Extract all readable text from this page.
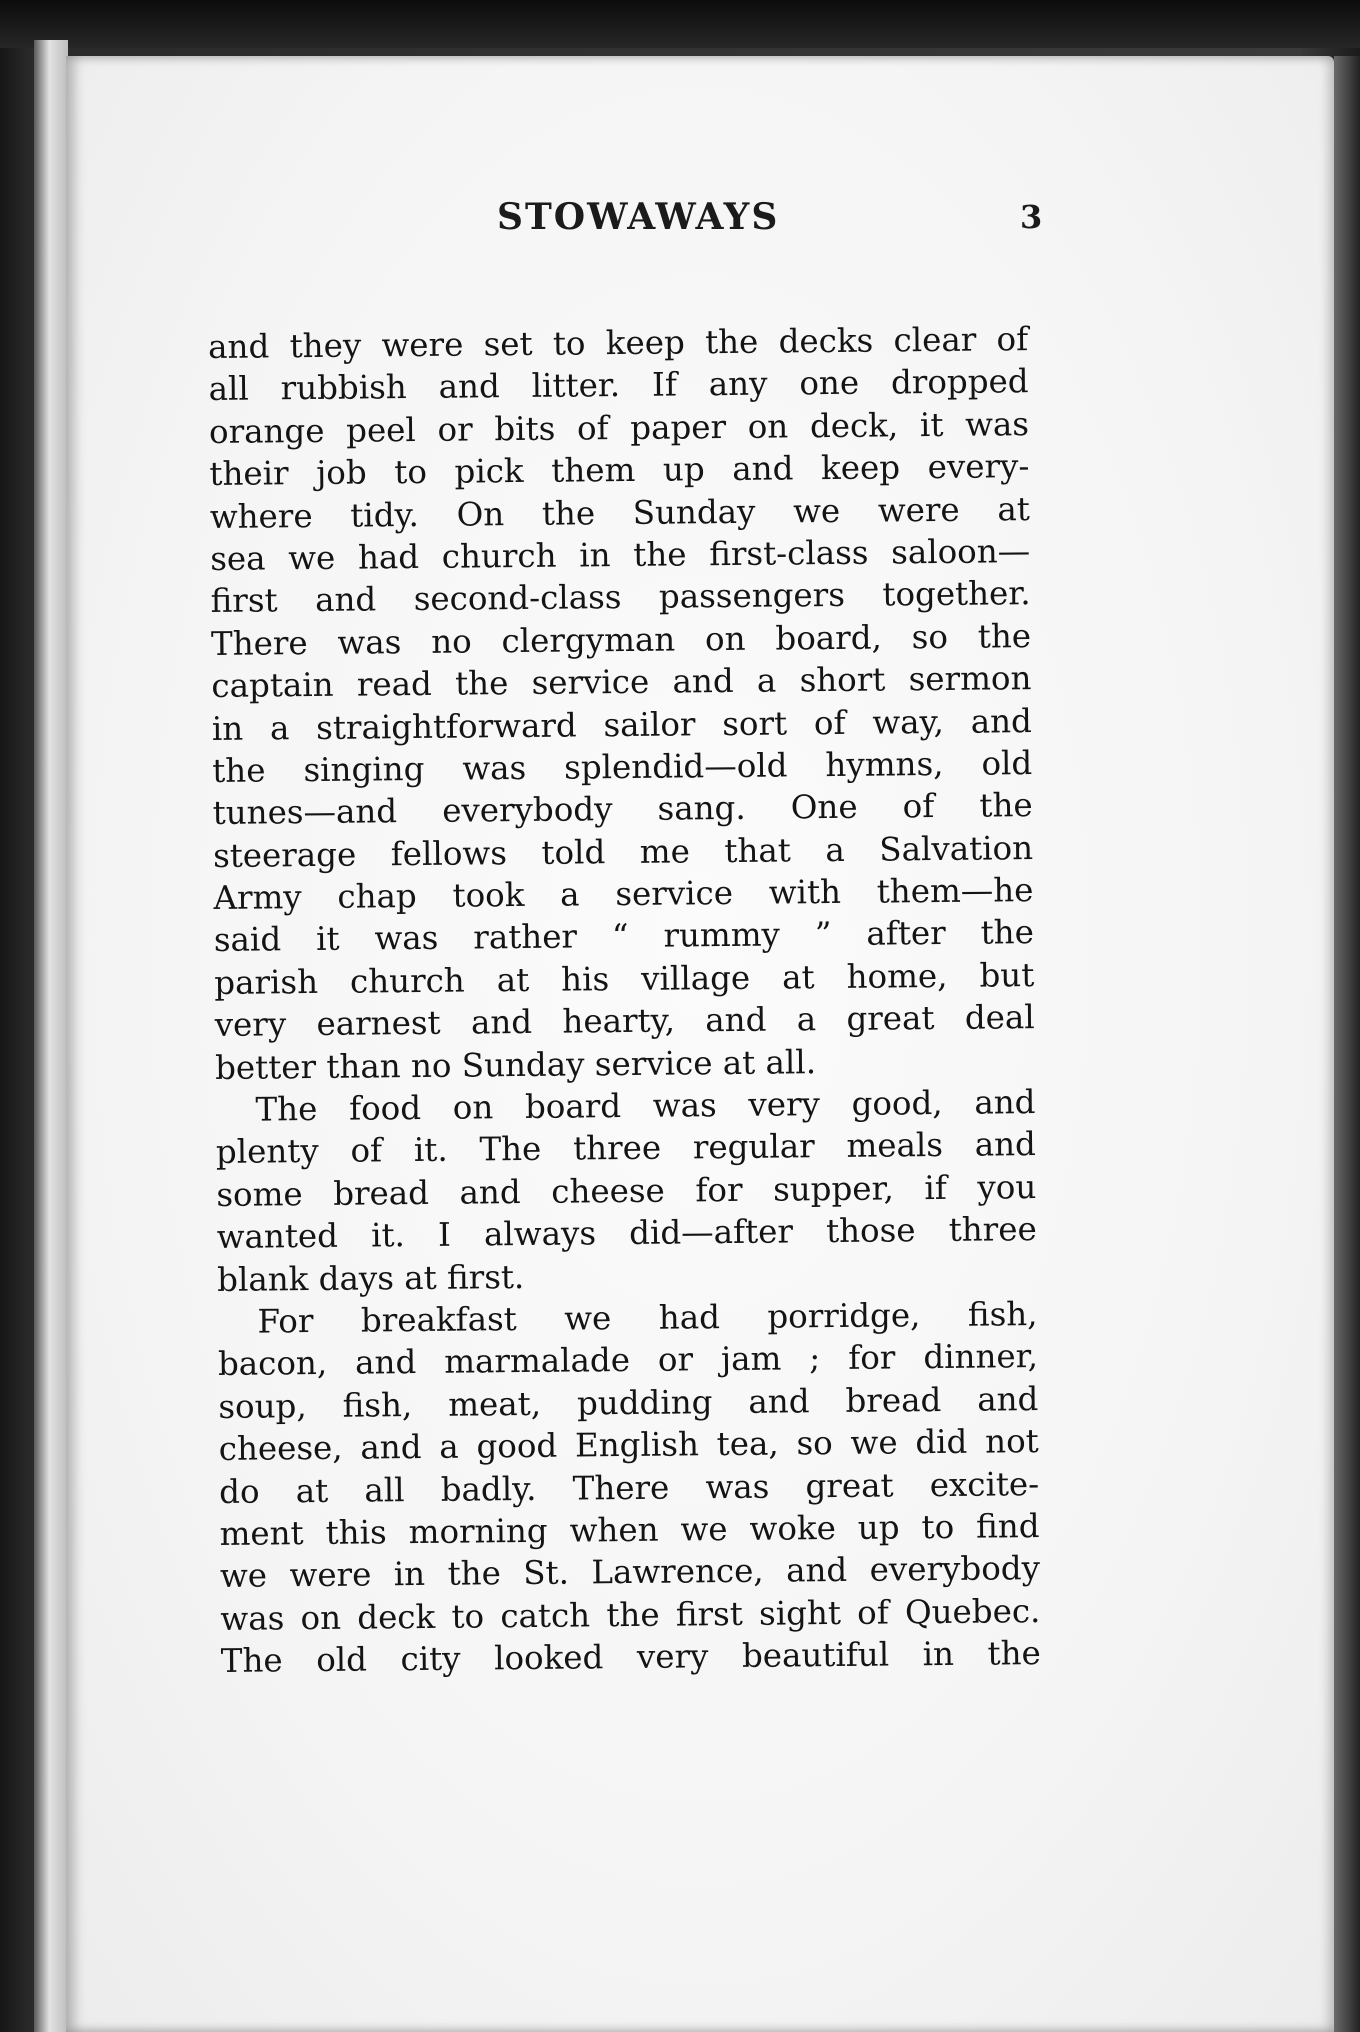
STOWAWAYS	3
and they were set to keep the decks clear of
all rubbish and litter. If any one dropped
orange peel or bits of paper on deck, it was
their job to pick them up and keep every-
where tidy. On the Sunday we were at
sea we had church in the first-class saloon—
first and second-class passengers together.
There was no clergyman on board, so the
captain read the service and a short sermon
in a straightforward sailor sort of way, and
the singing was splendid—old hymns, old
tunes—and everybody sang. One of the
steerage fellows told me that a Salvation
Army chap took a service with them—he
said it was rather “ rummy ” after the
parish church at his village at home, but
very earnest and hearty, and a great deal
better than no Sunday service at all.
The food on board was very good, and
plenty of it. The three regular meals and
some bread and cheese for supper, if you
wanted it. I always did—after those three
blank days at first.
For breakfast we had porridge, fish,
bacon, and marmalade or jam ; for dinner,
soup, fish, meat, pudding and bread and
cheese, and a good English tea, so we did not
do at all badly. There was great excite-
ment this morning when we woke up to find
we were in the St. Lawrence, and everybody
was on deck to catch the first sight of Quebec.
The old city looked very beautiful in the
